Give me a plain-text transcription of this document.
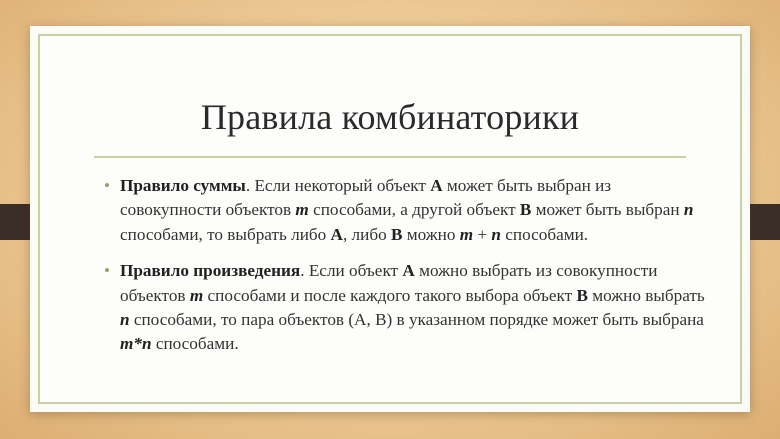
Правила комбинаторики
• Правило суммы. Если некоторый объект А может быть выбран из совокупности объектов m способами, а другой объект В может быть выбран n способами, то выбрать либо А, либо В можно m + n способами.
• Правило произведения. Если объект А можно выбрать из совокупности объектов m способами и после каждого такого выбора объект В можно выбрать n способами, то пара объектов (А, В) в указанном порядке может быть выбрана m*n способами.
